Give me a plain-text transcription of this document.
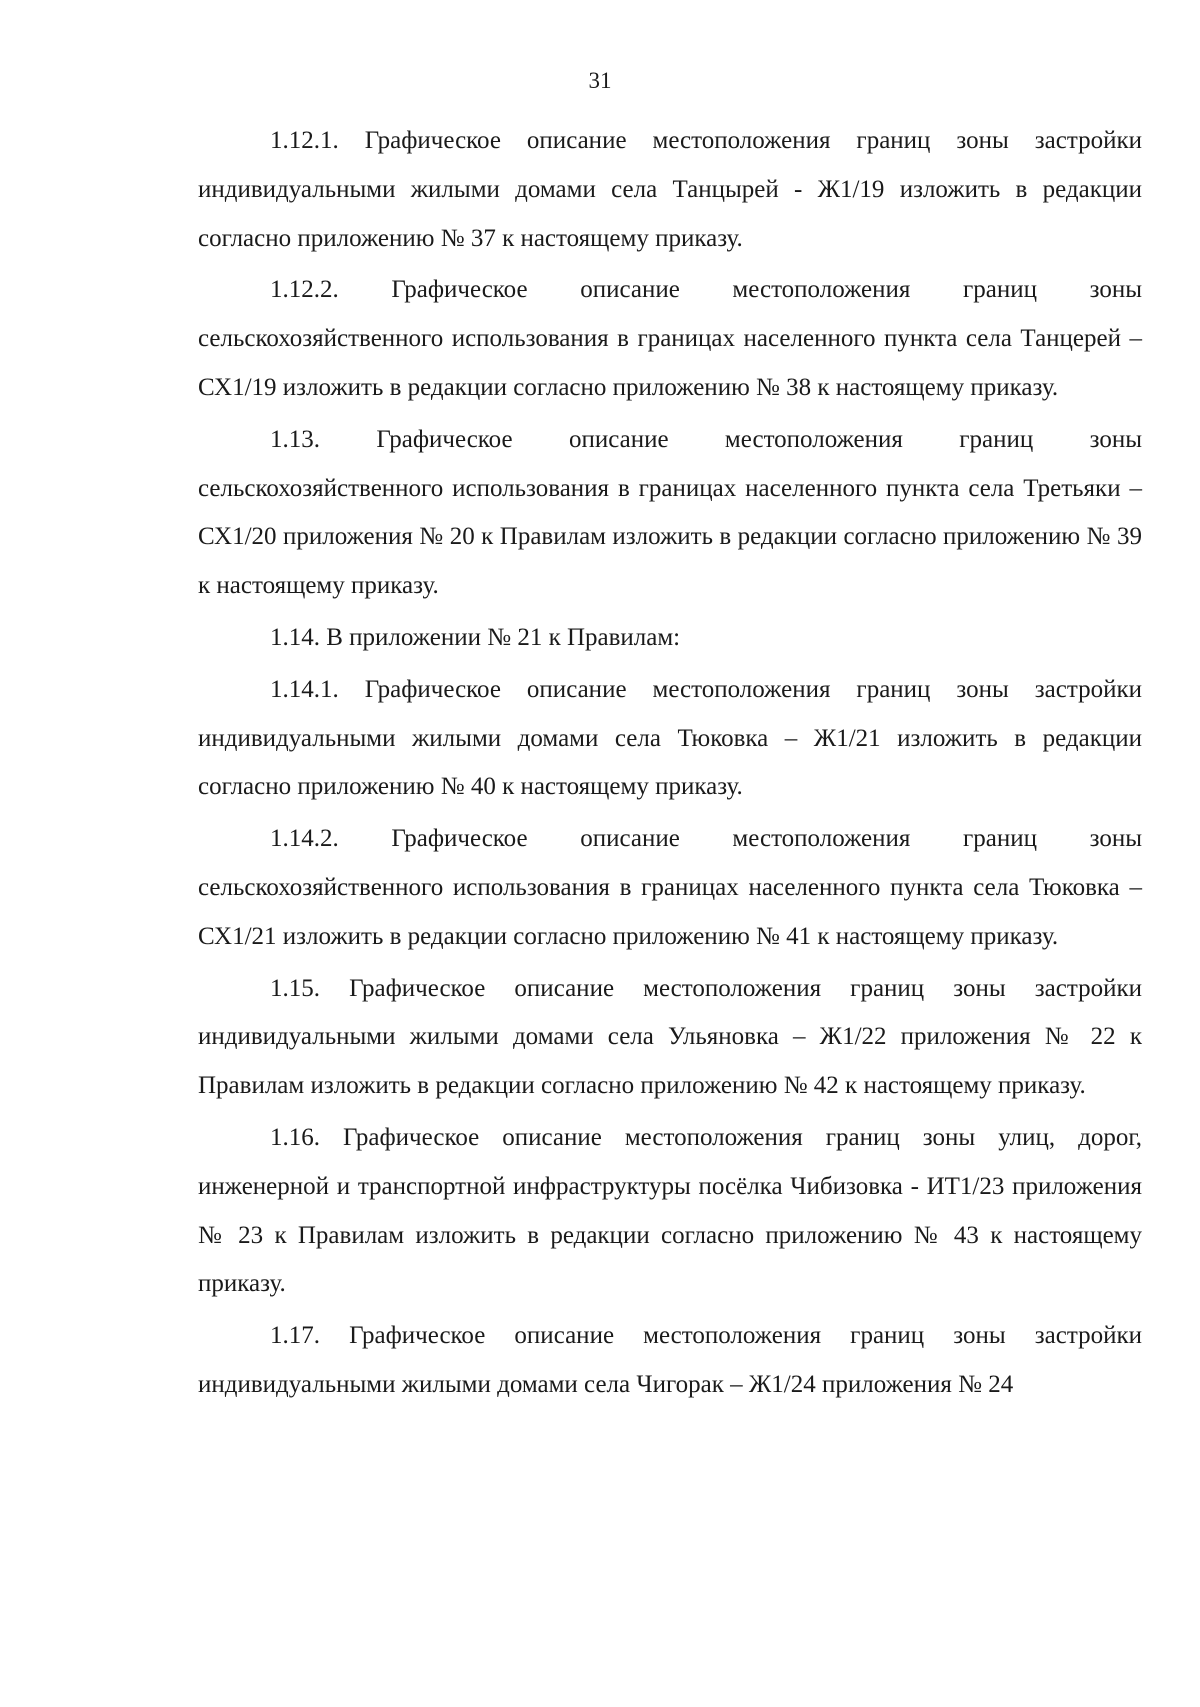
31

1.12.1. Графическое описание местоположения границ зоны застройки индивидуальными жилыми домами села Танцырей - Ж1/19 изложить в редакции согласно приложению № 37 к настоящему приказу.

1.12.2. Графическое описание местоположения границ зоны сельскохозяйственного использования в границах населенного пункта села Танцерей – СХ1/19 изложить в редакции согласно приложению № 38 к настоящему приказу.

1.13. Графическое описание местоположения границ зоны сельскохозяйственного использования в границах населенного пункта села Третьяки – СХ1/20 приложения № 20 к Правилам изложить в редакции согласно приложению № 39 к настоящему приказу.

1.14. В приложении № 21 к Правилам:

1.14.1. Графическое описание местоположения границ зоны застройки индивидуальными жилыми домами села Тюковка – Ж1/21 изложить в редакции согласно приложению № 40 к настоящему приказу.

1.14.2. Графическое описание местоположения границ зоны сельскохозяйственного использования в границах населенного пункта села Тюковка – СХ1/21 изложить в редакции согласно приложению № 41 к настоящему приказу.

1.15. Графическое описание местоположения границ зоны застройки индивидуальными жилыми домами села Ульяновка – Ж1/22 приложения № 22 к Правилам изложить в редакции согласно приложению № 42 к настоящему приказу.

1.16. Графическое описание местоположения границ зоны улиц, дорог, инженерной и транспортной инфраструктуры посёлка Чибизовка - ИТ1/23 приложения № 23 к Правилам изложить в редакции согласно приложению № 43 к настоящему приказу.

1.17. Графическое описание местоположения границ зоны застройки индивидуальными жилыми домами села Чигорак – Ж1/24 приложения № 24
